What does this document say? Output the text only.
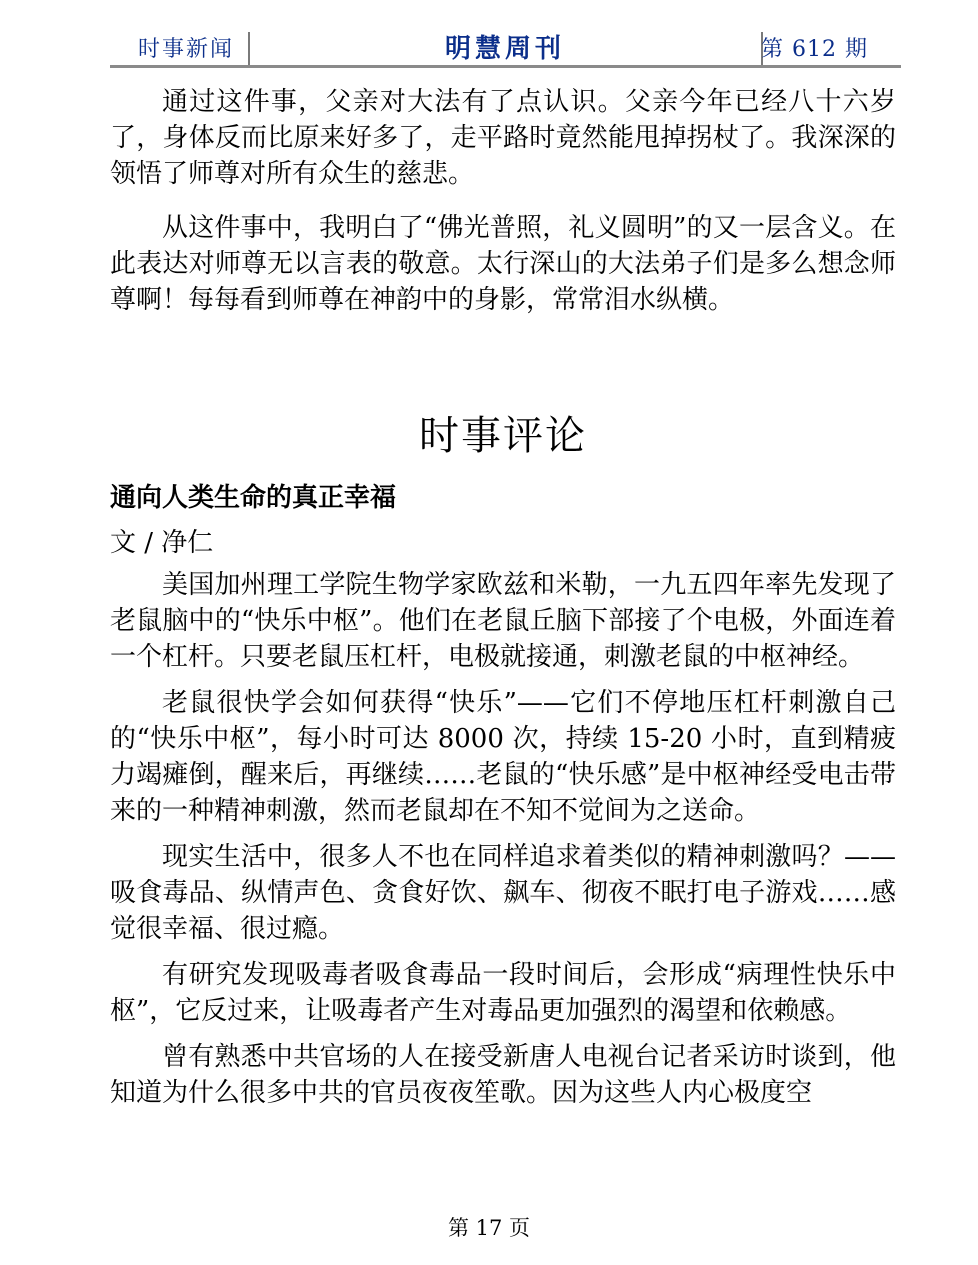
时事新闻	明慧周刊	第 612 期

通过这件事，父亲对大法有了点认识。父亲今年已经八十六岁了，身体反而比原来好多了，走平路时竟然能甩掉拐杖了。我深深的领悟了师尊对所有众生的慈悲。

从这件事中，我明白了“佛光普照，礼义圆明”的又一层含义。在此表达对师尊无以言表的敬意。太行深山的大法弟子们是多么想念师尊啊！每每看到师尊在神韵中的身影，常常泪水纵横。

时事评论
通向人类生命的真正幸福
文 / 净仁

美国加州理工学院生物学家欧兹和米勒，一九五四年率先发现了老鼠脑中的“快乐中枢”。他们在老鼠丘脑下部接了个电极，外面连着一个杠杆。只要老鼠压杠杆，电极就接通，刺激老鼠的中枢神经。

老鼠很快学会如何获得“快乐”——它们不停地压杠杆刺激自己的“快乐中枢”，每小时可达 8000 次，持续 15-20 小时，直到精疲力竭瘫倒，醒来后，再继续……老鼠的“快乐感”是中枢神经受电击带来的一种精神刺激，然而老鼠却在不知不觉间为之送命。

现实生活中，很多人不也在同样追求着类似的精神刺激吗？——吸食毒品、纵情声色、贪食好饮、飙车、彻夜不眠打电子游戏……感觉很幸福、很过瘾。

有研究发现吸毒者吸食毒品一段时间后，会形成“病理性快乐中枢”，它反过来，让吸毒者产生对毒品更加强烈的渴望和依赖感。

曾有熟悉中共官场的人在接受新唐人电视台记者采访时谈到，他知道为什么很多中共的官员夜夜笙歌。因为这些人内心极度空

第 17 页
